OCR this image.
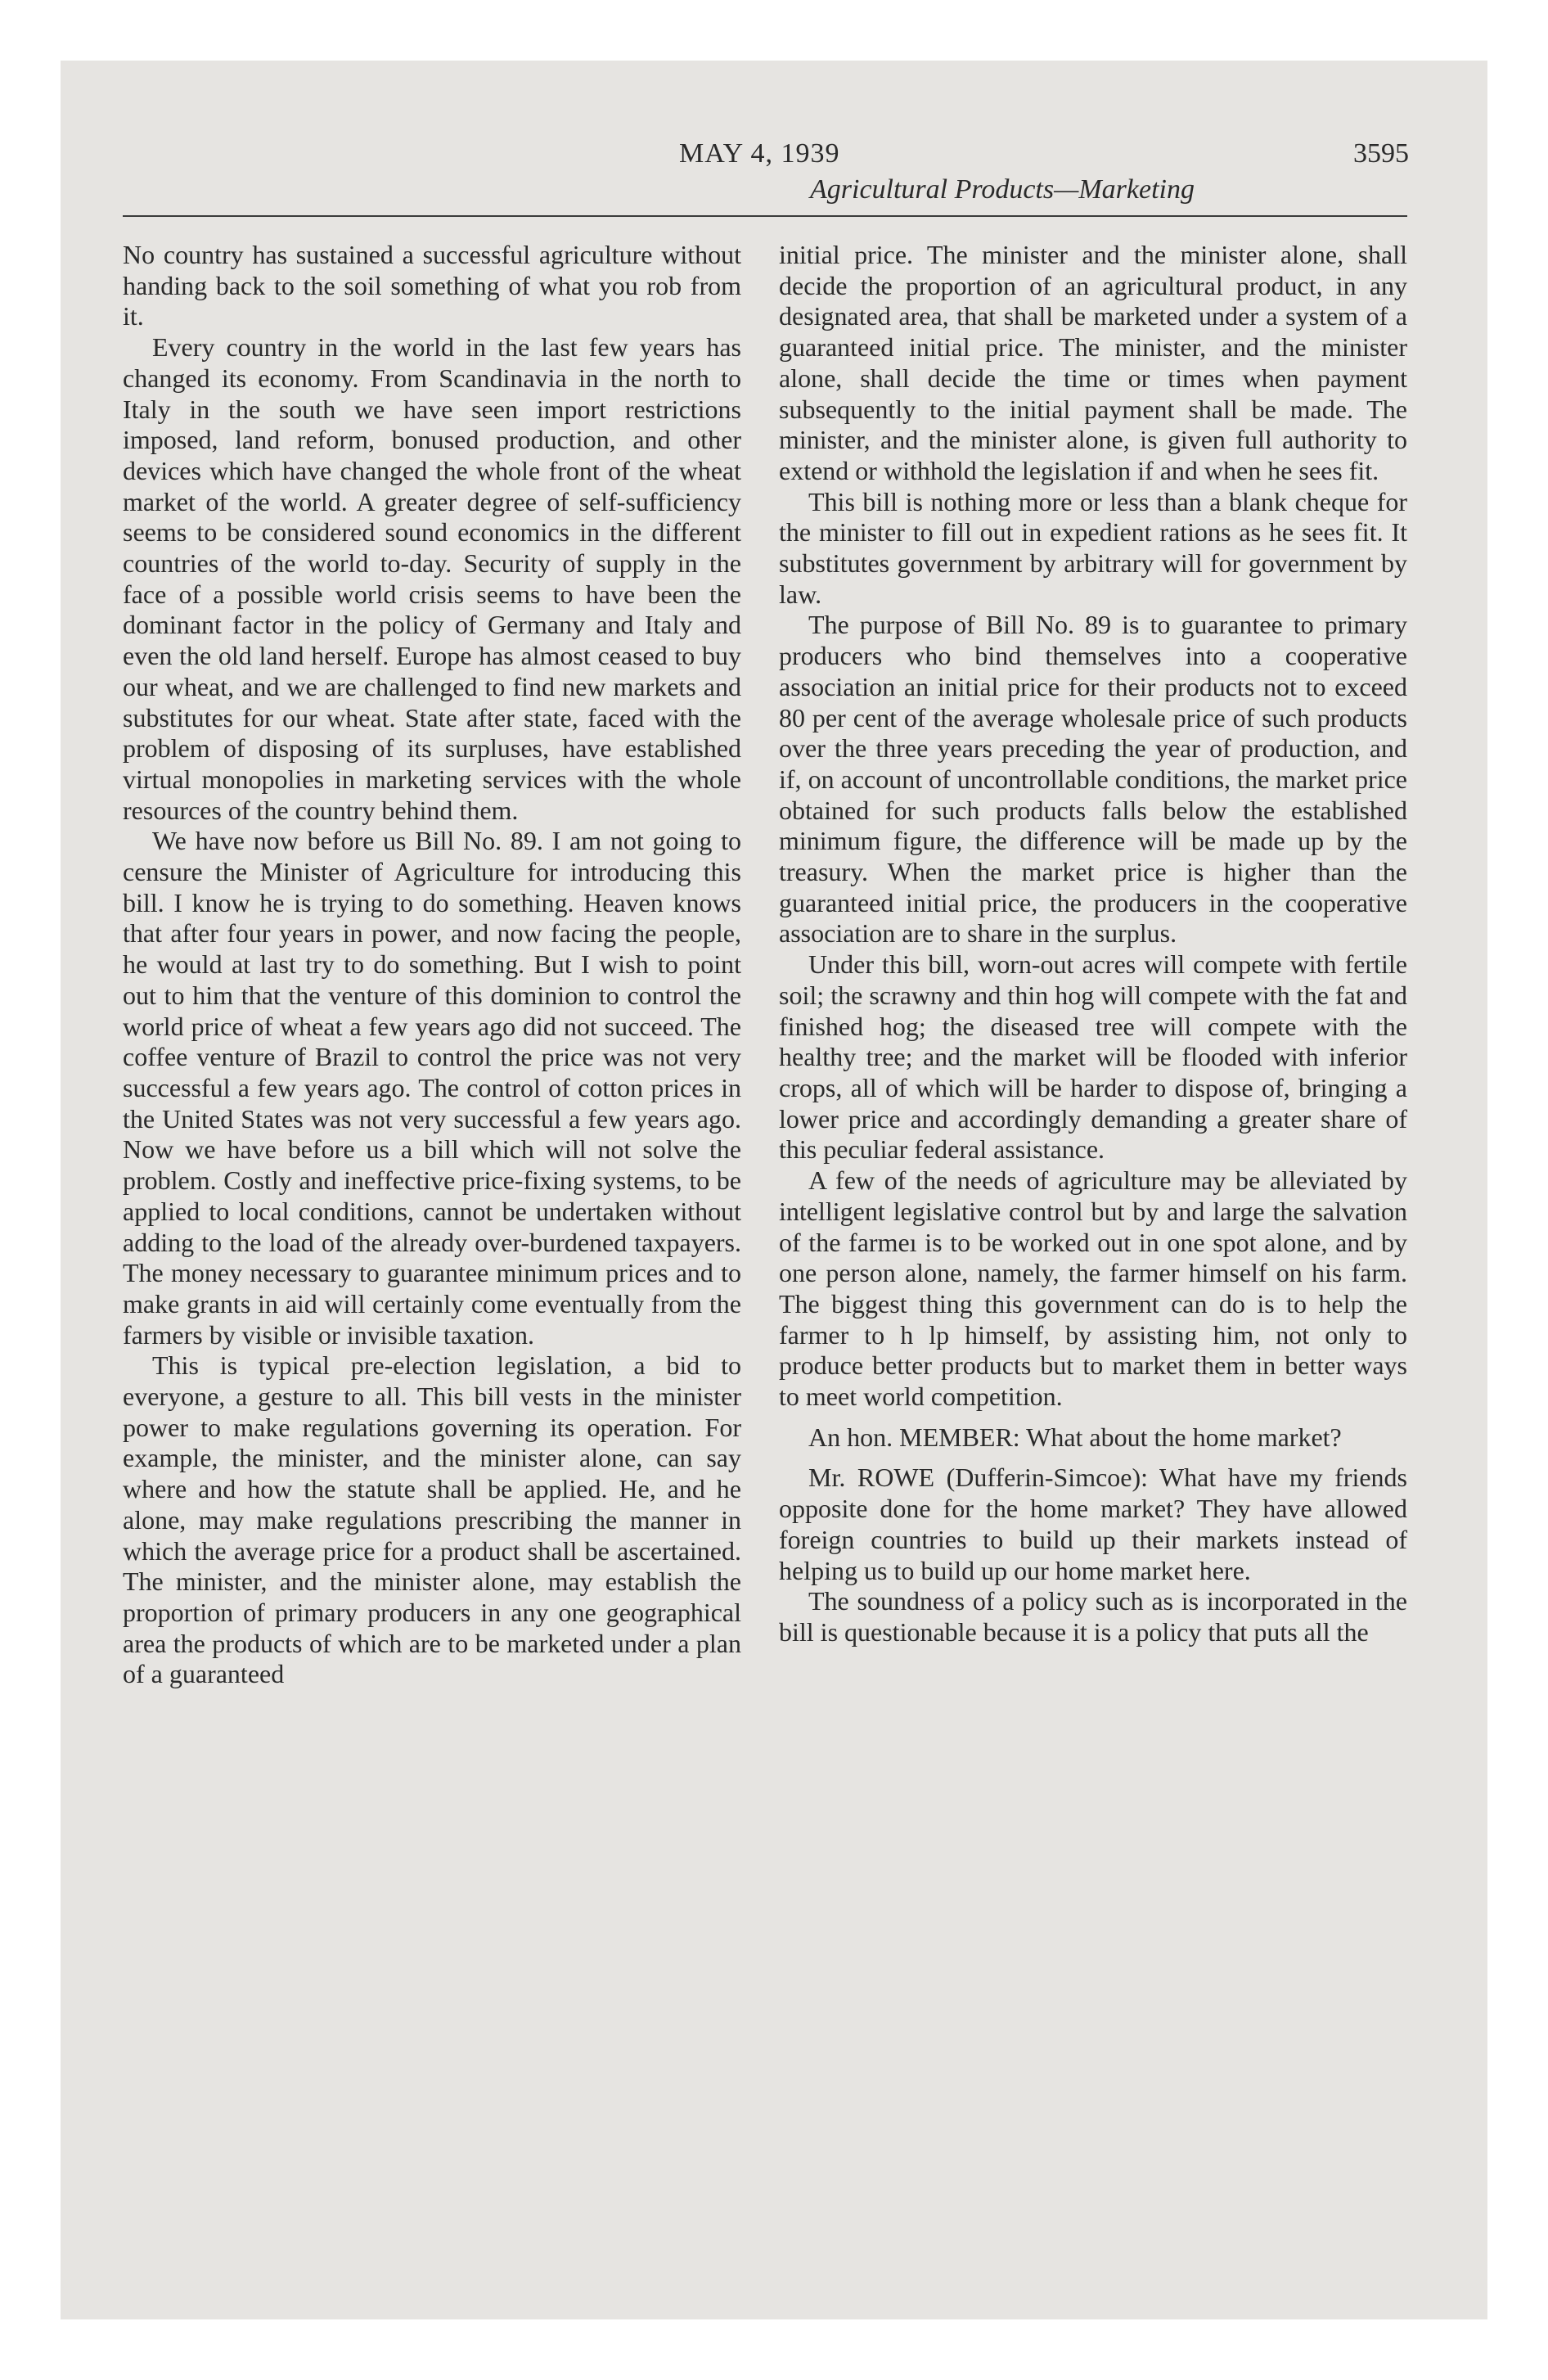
MAY 4, 1939	3595
Agricultural Products—Marketing

No country has sustained a successful agriculture without handing back to the soil something of what you rob from it.

Every country in the world in the last few years has changed its economy. From Scandinavia in the north to Italy in the south we have seen import restrictions imposed, land reform, bonused production, and other devices which have changed the whole front of the wheat market of the world. A greater degree of self-sufficiency seems to be considered sound economics in the different countries of the world to-day. Security of supply in the face of a possible world crisis seems to have been the dominant factor in the policy of Germany and Italy and even the old land herself. Europe has almost ceased to buy our wheat, and we are challenged to find new markets and substitutes for our wheat. State after state, faced with the problem of disposing of its surpluses, have established virtual monopolies in marketing services with the whole resources of the country behind them.

We have now before us Bill No. 89. I am not going to censure the Minister of Agriculture for introducing this bill. I know he is trying to do something. Heaven knows that after four years in power, and now facing the people, he would at last try to do something. But I wish to point out to him that the venture of this dominion to control the world price of wheat a few years ago did not succeed. The coffee venture of Brazil to control the price was not very successful a few years ago. The control of cotton prices in the United States was not very successful a few years ago. Now we have before us a bill which will not solve the problem. Costly and ineffective price-fixing systems, to be applied to local conditions, cannot be undertaken without adding to the load of the already over-burdened taxpayers. The money necessary to guarantee minimum prices and to make grants in aid will certainly come eventually from the farmers by visible or invisible taxation.

This is typical pre-election legislation, a bid to everyone, a gesture to all. This bill vests in the minister power to make regulations governing its operation. For example, the minister, and the minister alone, can say where and how the statute shall be applied. He, and he alone, may make regulations prescribing the manner in which the average price for a product shall be ascertained. The minister, and the minister alone, may establish the proportion of primary producers in any one geographical area the products of which are to be marketed under a plan of a guaranteed

initial price. The minister and the minister alone, shall decide the proportion of an agricultural product, in any designated area, that shall be marketed under a system of a guaranteed initial price. The minister, and the minister alone, shall decide the time or times when payment subsequently to the initial payment shall be made. The minister, and the minister alone, is given full authority to extend or withhold the legislation if and when he sees fit.

This bill is nothing more or less than a blank cheque for the minister to fill out in expedient rations as he sees fit. It substitutes government by arbitrary will for government by law.

The purpose of Bill No. 89 is to guarantee to primary producers who bind themselves into a cooperative association an initial price for their products not to exceed 80 per cent of the average wholesale price of such products over the three years preceding the year of production, and if, on account of uncontrollable conditions, the market price obtained for such products falls below the established minimum figure, the difference will be made up by the treasury. When the market price is higher than the guaranteed initial price, the producers in the cooperative association are to share in the surplus.

Under this bill, worn-out acres will compete with fertile soil; the scrawny and thin hog will compete with the fat and finished hog; the diseased tree will compete with the healthy tree; and the market will be flooded with inferior crops, all of which will be harder to dispose of, bringing a lower price and accordingly demanding a greater share of this peculiar federal assistance.

A few of the needs of agriculture may be alleviated by intelligent legislative control but by and large the salvation of the farmeı is to be worked out in one spot alone, and by one person alone, namely, the farmer himself on his farm. The biggest thing this government can do is to help the farmer to h lp himself, by assisting him, not only to produce better products but to market them in better ways to meet world competition.

An hon. MEMBER: What about the home market?

Mr. ROWE (Dufferin-Simcoe): What have my friends opposite done for the home market? They have allowed foreign countries to build up their markets instead of helping us to build up our home market here.

The soundness of a policy such as is incorporated in the bill is questionable because it is a policy that puts all the
